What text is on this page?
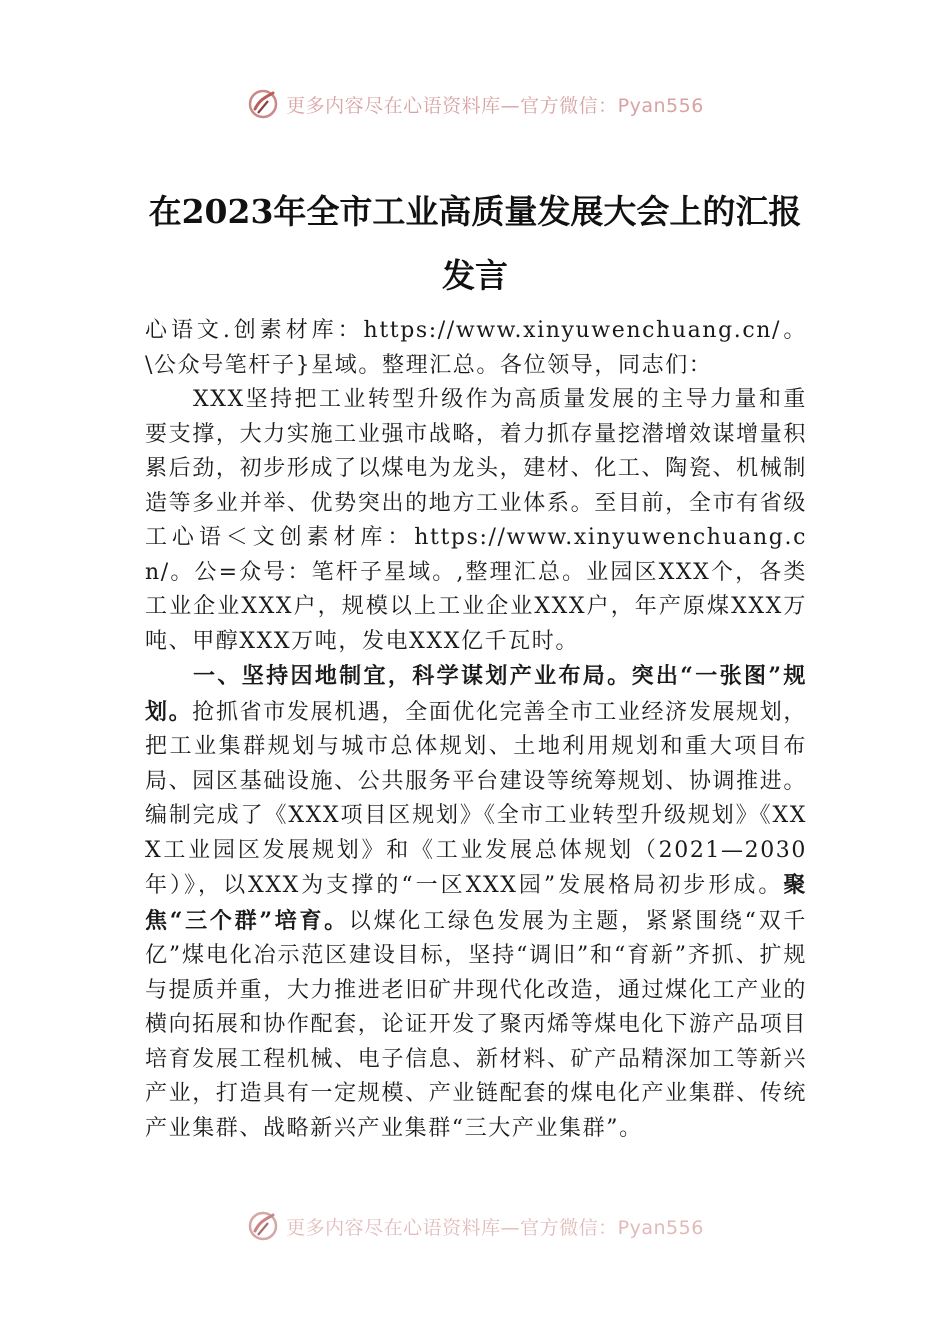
更多内容尽在心语资料库—官方微信：Pyan556
在2023年全市工业高质量发展大会上的汇报发言

心语文.创素材库：https://www.xinyuwenchuang.cn/。\公众号笔杆子}星域。整理汇总。各位领导，同志们：

XXX坚持把工业转型升级作为高质量发展的主导力量和重要支撑，大力实施工业强市战略，着力抓存量挖潜增效谋增量积累后劲，初步形成了以煤电为龙头，建材、化工、陶瓷、机械制造等多业并举、优势突出的地方工业体系。至目前，全市有省级工心语＜文创素材库：https://www.xinyuwenchuang.cn/。公=众号：笔杆子星域。,整理汇总。业园区XXX个，各类工业企业XXX户，规模以上工业企业XXX户，年产原煤XXX万吨、甲醇XXX万吨，发电XXX亿千瓦时。

一、坚持因地制宜，科学谋划产业布局。突出“一张图”规划。抢抓省市发展机遇，全面优化完善全市工业经济发展规划，把工业集群规划与城市总体规划、土地利用规划和重大项目布局、园区基础设施、公共服务平台建设等统筹规划、协调推进。编制完成了《XXX项目区规划》《全市工业转型升级规划》《XXX工业园区发展规划》和《工业发展总体规划（2021—2030年）》，以XXX为支撑的“一区XXX园”发展格局初步形成。聚焦“三个群”培育。以煤化工绿色发展为主题，紧紧围绕“双千亿”煤电化冶示范区建设目标，坚持“调旧”和“育新”齐抓、扩规与提质并重，大力推进老旧矿井现代化改造，通过煤化工产业的横向拓展和协作配套，论证开发了聚丙烯等煤电化下游产品项目培育发展工程机械、电子信息、新材料、矿产品精深加工等新兴产业，打造具有一定规模、产业链配套的煤电化产业集群、传统产业集群、战略新兴产业集群“三大产业集群”。

更多内容尽在心语资料库—官方微信：Pyan556
